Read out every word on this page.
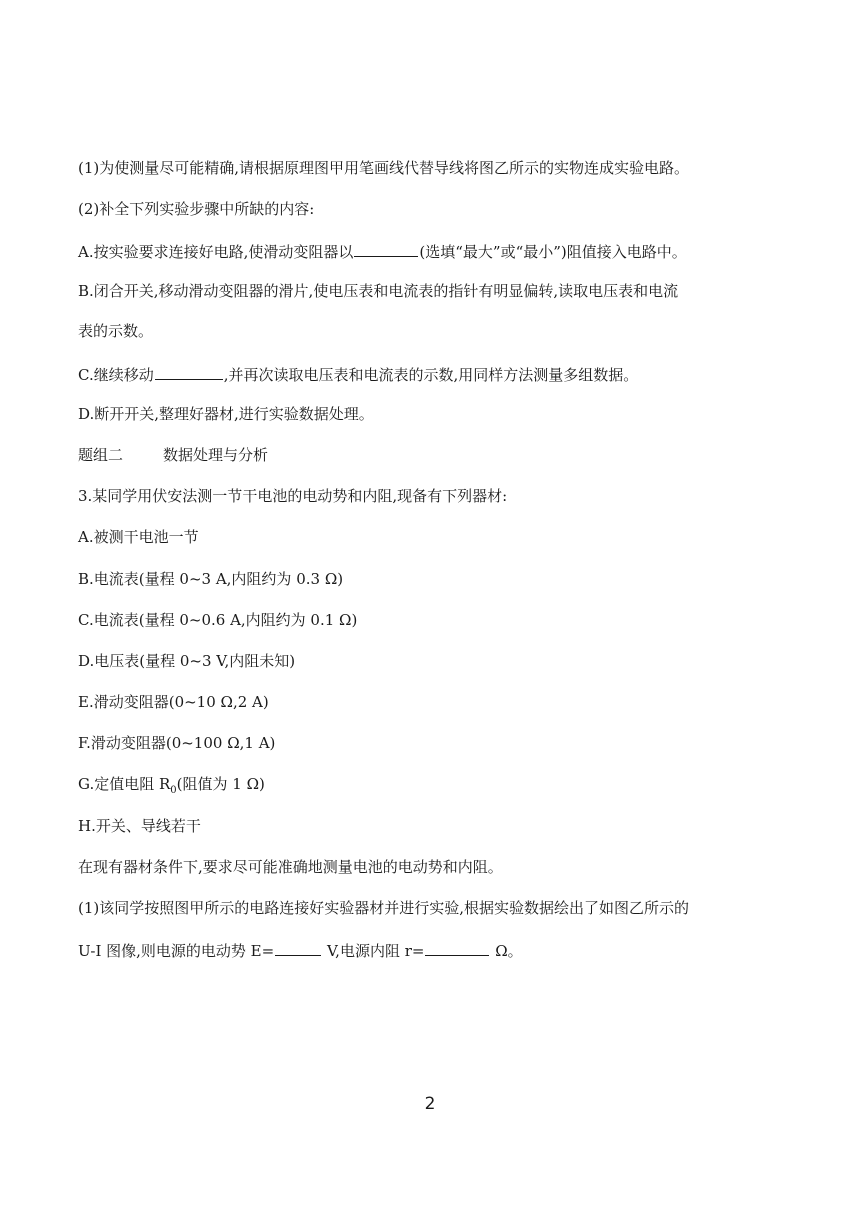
(1)为使测量尽可能精确,请根据原理图甲用笔画线代替导线将图乙所示的实物连成实验电路。
(2)补全下列实验步骤中所缺的内容:
A.按实验要求连接好电路,使滑动变阻器以	(选填“最大”或“最小”)阻值接入电路中。
B.闭合开关,移动滑动变阻器的滑片,使电压表和电流表的指针有明显偏转,读取电压表和电流
表的示数。
C.继续移动	,并再次读取电压表和电流表的示数,用同样方法测量多组数据。
D.断开开关,整理好器材,进行实验数据处理。
题组二	数据处理与分析
3.某同学用伏安法测一节干电池的电动势和内阻,现备有下列器材:
A.被测干电池一节
B.电流表(量程 0~3 A,内阻约为 0.3 Ω)
C.电流表(量程 0~0.6 A,内阻约为 0.1 Ω)
D.电压表(量程 0~3 V,内阻未知)
E.滑动变阻器(0~10 Ω,2 A)
F.滑动变阻器(0~100 Ω,1 A)
G.定值电阻 $R_0$(阻值为 1 Ω)
H.开关、导线若干
在现有器材条件下,要求尽可能准确地测量电池的电动势和内阻。
(1)该同学按照图甲所示的电路连接好实验器材并进行实验,根据实验数据绘出了如图乙所示的
U-I 图像,则电源的电动势 E=	V,电源内阻 r=	Ω。
2
